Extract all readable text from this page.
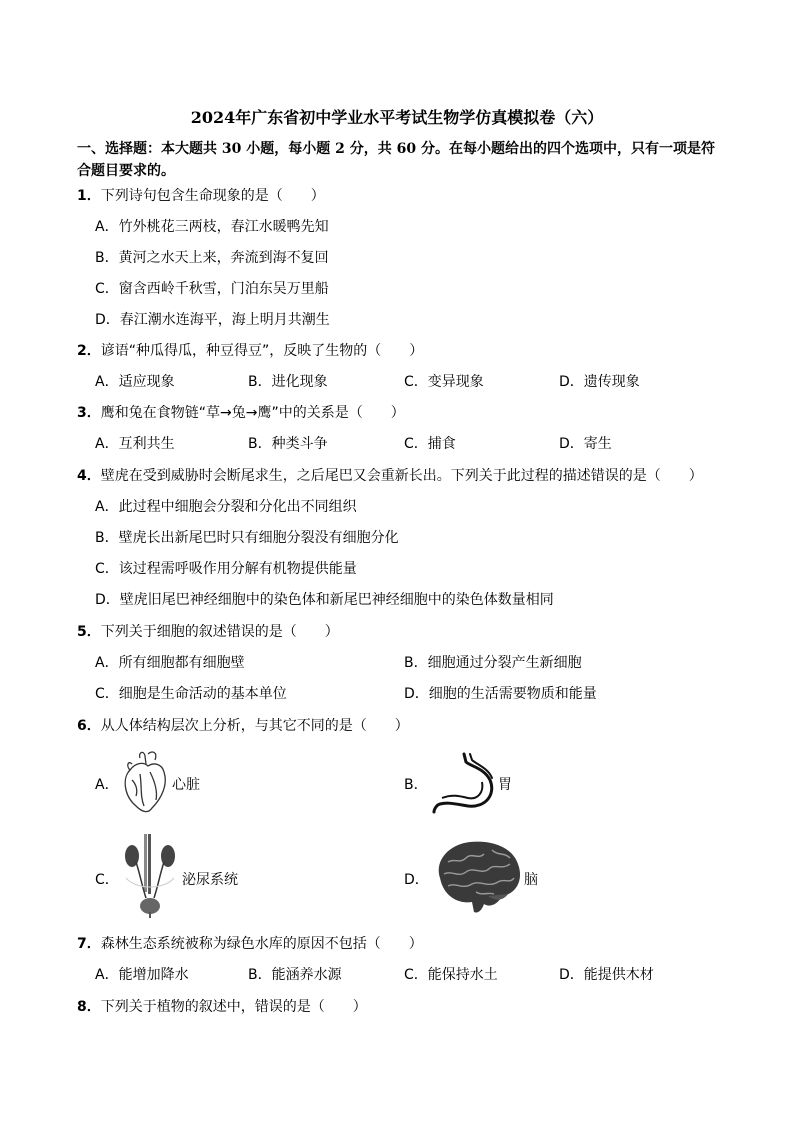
2024年广东省初中学业水平考试生物学仿真模拟卷（六）
一、选择题：本大题共 30 小题，每小题 2 分，共 60 分。在每小题给出的四个选项中，只有一项是符合题目要求的。
1．下列诗句包含生命现象的是（　　）
A．竹外桃花三两枝，春江水暖鸭先知
B．黄河之水天上来，奔流到海不复回
C．窗含西岭千秋雪，门泊东吴万里船
D．春江潮水连海平，海上明月共潮生
2．谚语“种瓜得瓜，种豆得豆”，反映了生物的（　　）
A．适应现象	B．进化现象	C．变异现象	D．遗传现象
3．鹰和兔在食物链“草→兔→鹰”中的关系是（　　）
A．互利共生	B．种类斗争	C．捕食	D．寄生
4．壁虎在受到威胁时会断尾求生，之后尾巴又会重新长出。下列关于此过程的描述错误的是（　　）
A．此过程中细胞会分裂和分化出不同组织
B．壁虎长出新尾巴时只有细胞分裂没有细胞分化
C．该过程需呼吸作用分解有机物提供能量
D．壁虎旧尾巴神经细胞中的染色体和新尾巴神经细胞中的染色体数量相同
5．下列关于细胞的叙述错误的是（　　）
A．所有细胞都有细胞壁	B．细胞通过分裂产生新细胞
C．细胞是生命活动的基本单位	D．细胞的生活需要物质和能量
6．从人体结构层次上分析，与其它不同的是（　　）
A．	心脏	B．	胃
C．	泌尿系统	D．	脑
7．森林生态系统被称为绿色水库的原因不包括（　　）
A．能增加降水	B．能涵养水源	C．能保持水土	D．能提供木材
8．下列关于植物的叙述中，错误的是（　　）
